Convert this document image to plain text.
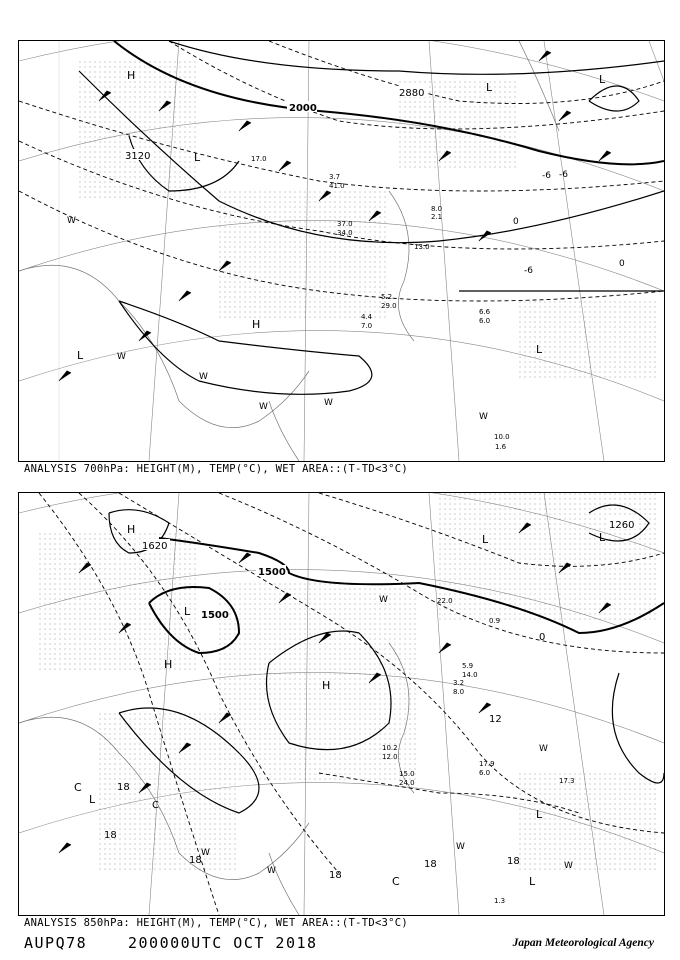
3120
2000
2880
H
H
L
L
L
L	L
0
-6 -6
0
-6
W
W
W
W	W
W
10.0
1.6
6.6
6.0
5.2
29.0
4.4
7.0
3.7
41.0
13.0
37.0
34.0
8.0
2.1
17.0
ANALYSIS 700hPa: HEIGHT(M), TEMP(°C), WET AREA::(T-TD<3°C)
1620
1500
1500
1260
H
H
H
L
L	L
L
L
L
C
C
18
18
18
18
18	18
12
0
C
W
W
W
W
W
W
17.9
6.0
10.2
12.0
15.0
24.0	17.3
1.3
3.2
8.0
5.9
14.0
22.0
0.9
ANALYSIS 850hPa: HEIGHT(M), TEMP(°C), WET AREA::(T-TD<3°C)
AUPQ78	200000UTC OCT 2018	Japan Meteorological Agency
